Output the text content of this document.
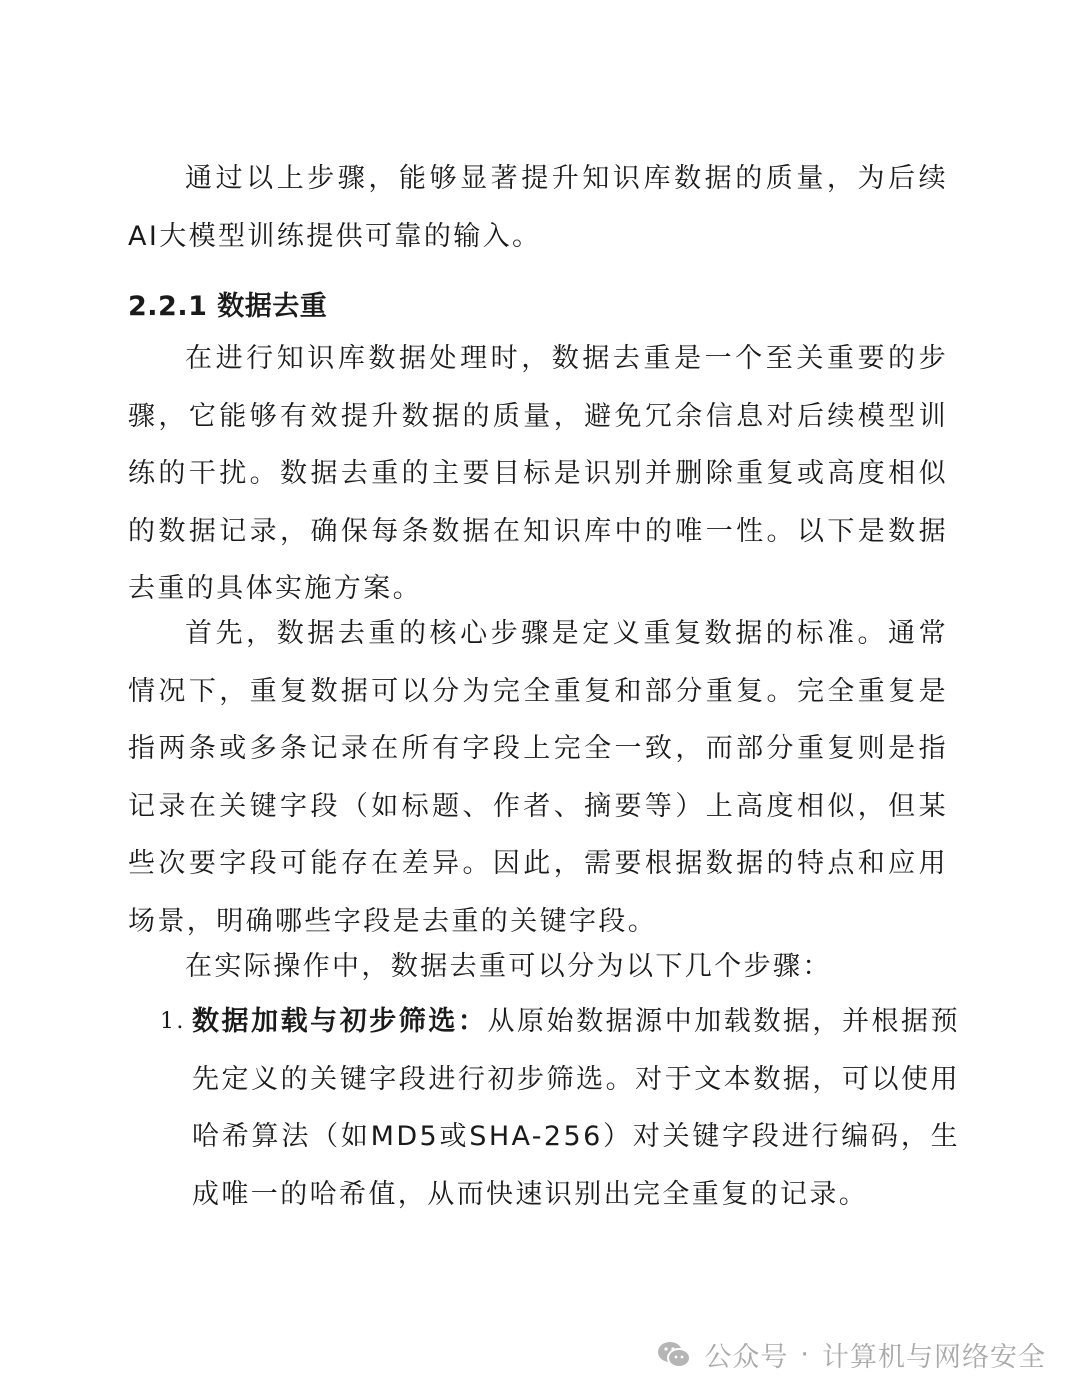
通过以上步骤，能够显著提升知识库数据的质量，为后续AI大模型训练提供可靠的输入。

2.2.1 数据去重

在进行知识库数据处理时，数据去重是一个至关重要的步骤，它能够有效提升数据的质量，避免冗余信息对后续模型训练的干扰。数据去重的主要目标是识别并删除重复或高度相似的数据记录，确保每条数据在知识库中的唯一性。以下是数据去重的具体实施方案。

首先，数据去重的核心步骤是定义重复数据的标准。通常情况下，重复数据可以分为完全重复和部分重复。完全重复是指两条或多条记录在所有字段上完全一致，而部分重复则是指记录在关键字段（如标题、作者、摘要等）上高度相似，但某些次要字段可能存在差异。因此，需要根据数据的特点和应用场景，明确哪些字段是去重的关键字段。

在实际操作中，数据去重可以分为以下几个步骤：

1. 数据加载与初步筛选：从原始数据源中加载数据，并根据预先定义的关键字段进行初步筛选。对于文本数据，可以使用哈希算法（如MD5或SHA-256）对关键字段进行编码，生成唯一的哈希值，从而快速识别出完全重复的记录。
公众号 · 计算机与网络安全
